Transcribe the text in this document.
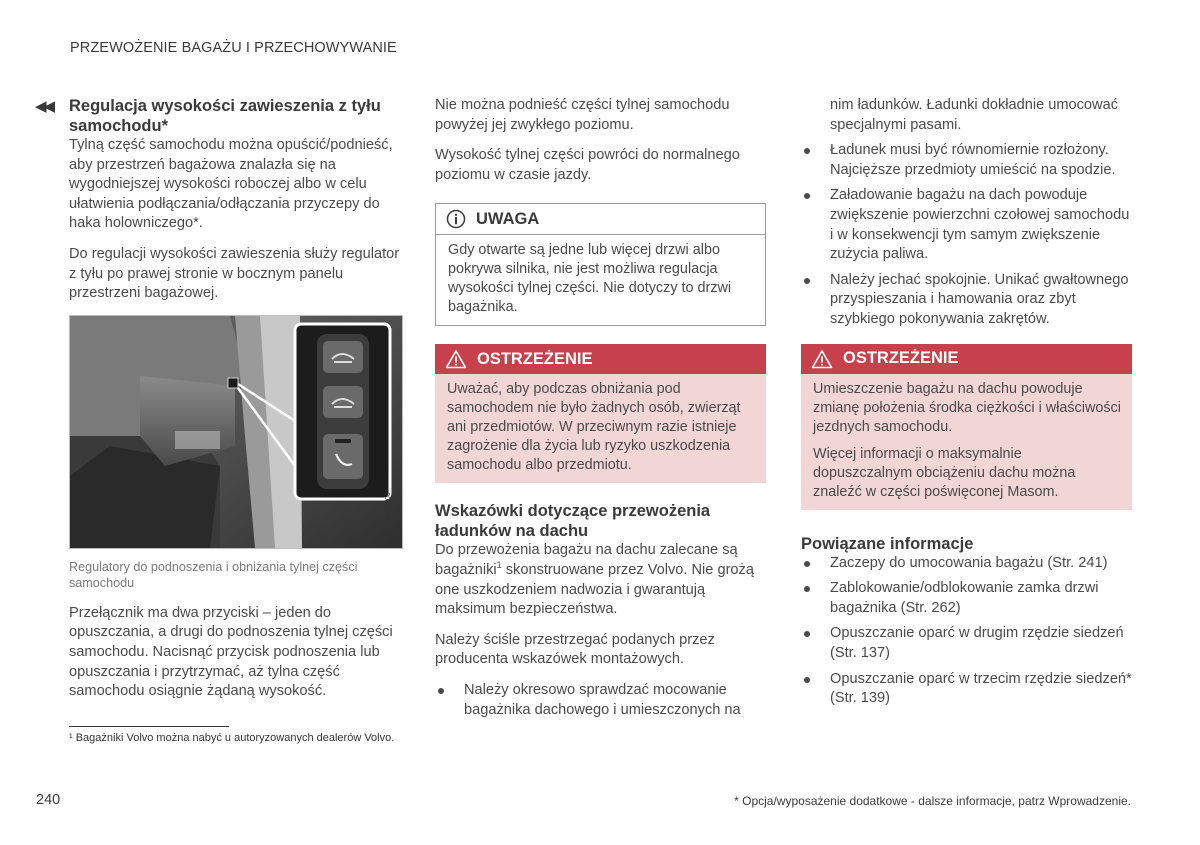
PRZEWOŻENIE BAGAŻU I PRZECHOWYWANIE
◀◀ Regulacja wysokości zawieszenia z tyłu samochodu*

Tylną część samochodu można opuścić/podnieść, aby przestrzeń bagażowa znalazła się na wygodniejszej wysokości roboczej albo w celu ułatwienia podłączania/odłączania przyczepy do haka holowniczego*.

Do regulacji wysokości zawieszenia służy regulator z tyłu po prawej stronie w bocznym panelu przestrzeni bagażowej.

G053900
Regulatory do podnoszenia i obniżania tylnej części samochodu

Przełącznik ma dwa przyciski – jeden do opuszczania, a drugi do podnoszenia tylnej części samochodu. Nacisnąć przycisk podnoszenia lub opuszczania i przytrzymać, aż tylna część samochodu osiągnie żądaną wysokość.

Nie można podnieść części tylnej samochodu powyżej jej zwykłego poziomu.

Wysokość tylnej części powróci do normalnego poziomu w czasie jazdy.

UWAGA
Gdy otwarte są jedne lub więcej drzwi albo pokrywa silnika, nie jest możliwa regulacja wysokości tylnej części. Nie dotyczy to drzwi bagażnika.
OSTRZEŻENIE
Uważać, aby podczas obniżania pod samochodem nie było żadnych osób, zwierząt ani przedmiotów. W przeciwnym razie istnieje zagrożenie dla życia lub ryzyko uszkodzenia samochodu albo przedmiotu.
Wskazówki dotyczące przewożenia ładunków na dachu

Do przewożenia bagażu na dachu zalecane są bagażniki$^1$ skonstruowane przez Volvo. Nie grożą one uszkodzeniem nadwozia i gwarantują maksimum bezpieczeństwa.

Należy ściśle przestrzegać podanych przez producenta wskazówek montażowych.

Należy okresowo sprawdzać mocowanie bagażnika dachowego i umieszczonych na
nim ładunków. Ładunki dokładnie umocować specjalnymi pasami.
Ładunek musi być równomiernie rozłożony. Najcięższe przedmioty umieścić na spodzie.
Załadowanie bagażu na dach powoduje zwiększenie powierzchni czołowej samochodu i w konsekwencji tym samym zwiększenie zużycia paliwa.
Należy jechać spokojnie. Unikać gwałtownego przyspieszania i hamowania oraz zbyt szybkiego pokonywania zakrętów.
OSTRZEŻENIE

Umieszczenie bagażu na dachu powoduje zmianę położenia środka ciężkości i właściwości jezdnych samochodu.

Więcej informacji o maksymalnie dopuszczalnym obciążeniu dachu można znaleźć w części poświęconej Masom.

Powiązane informacje
Zaczepy do umocowania bagażu (Str. 241)
Zablokowanie/odblokowanie zamka drzwi bagażnika (Str. 262)
Opuszczanie oparć w drugim rzędzie siedzeń (Str. 137)
Opuszczanie oparć w trzecim rzędzie siedzeń* (Str. 139)
¹ Bagażniki Volvo można nabyć u autoryzowanych dealerów Volvo.
240	* Opcja/wyposażenie dodatkowe - dalsze informacje, patrz Wprowadzenie.
